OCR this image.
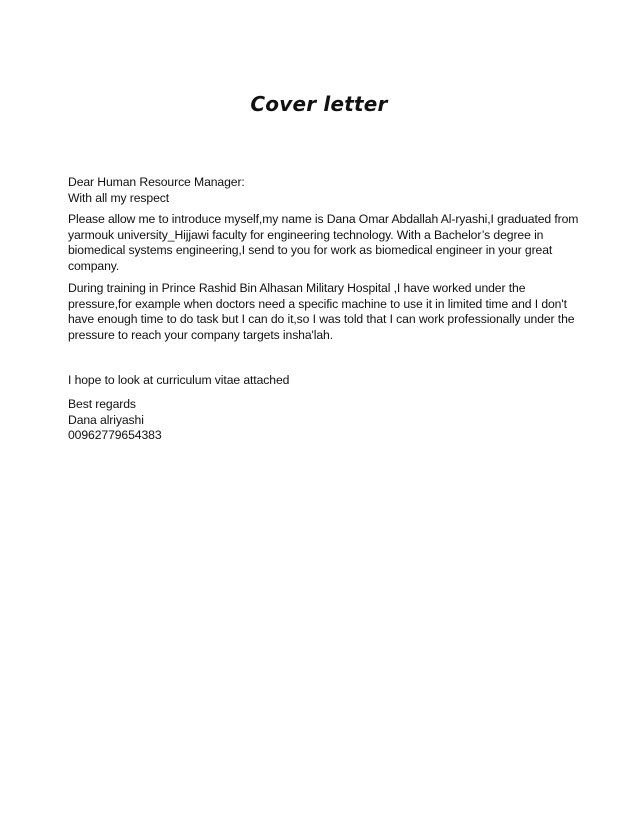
Cover letter
Dear Human Resource Manager:
With all my respect
Please allow me to introduce myself,my name is Dana Omar Abdallah Al-ryashi,I graduated from
yarmouk university_Hijjawi faculty for engineering technology. With a Bachelor’s degree in
biomedical systems engineering,I send to you for work as biomedical engineer in your great
company.
During training in Prince Rashid Bin Alhasan Military Hospital ,I have worked under the
pressure,for example when doctors need a specific machine to use it in limited time and I don't
have enough time to do task but I can do it,so I was told that I can work professionally under the
pressure to reach your company targets insha'lah.
I hope to look at curriculum vitae attached
Best regards
Dana alriyashi
00962779654383
